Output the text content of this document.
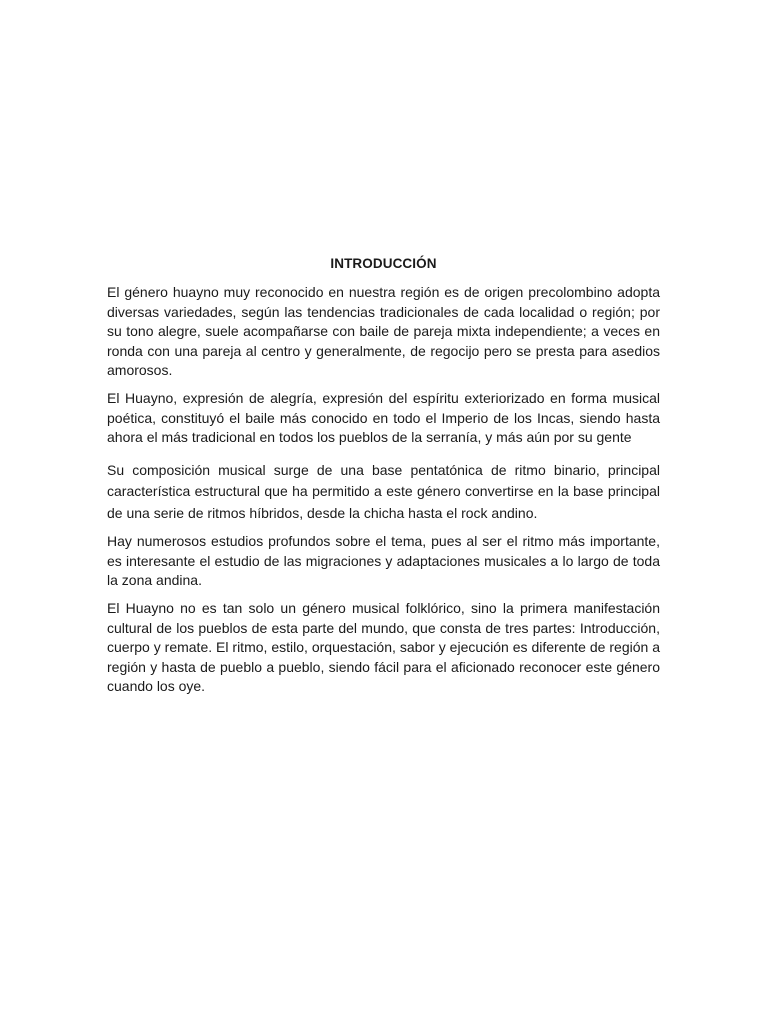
INTRODUCCIÓN

El género huayno muy reconocido en nuestra región es de origen precolombino adopta diversas variedades, según las tendencias tradicionales de cada localidad o región; por su tono alegre, suele acompañarse con baile de pareja mixta independiente; a veces en ronda con una pareja al centro y generalmente, de regocijo pero se presta para asedios amorosos.

El Huayno, expresión de alegría, expresión del espíritu exteriorizado en forma musical poética, constituyó el baile más conocido en todo el Imperio de los Incas, siendo hasta ahora el más tradicional en todos los pueblos de la serranía, y más aún por su gente

Su composición musical surge de una base pentatónica de ritmo binario, principal característica estructural que ha permitido a este género convertirse en la base principal de una serie de ritmos híbridos, desde la chicha hasta el rock andino.

Hay numerosos estudios profundos sobre el tema, pues al ser el ritmo más importante, es interesante el estudio de las migraciones y adaptaciones musicales a lo largo de toda la zona andina.

El Huayno no es tan solo un género musical folklórico, sino la primera manifestación cultural de los pueblos de esta parte del mundo, que consta de tres partes: Introducción, cuerpo y remate. El ritmo, estilo, orquestación, sabor y ejecución es diferente de región a región y hasta de pueblo a pueblo, siendo fácil para el aficionado reconocer este género cuando los oye.
